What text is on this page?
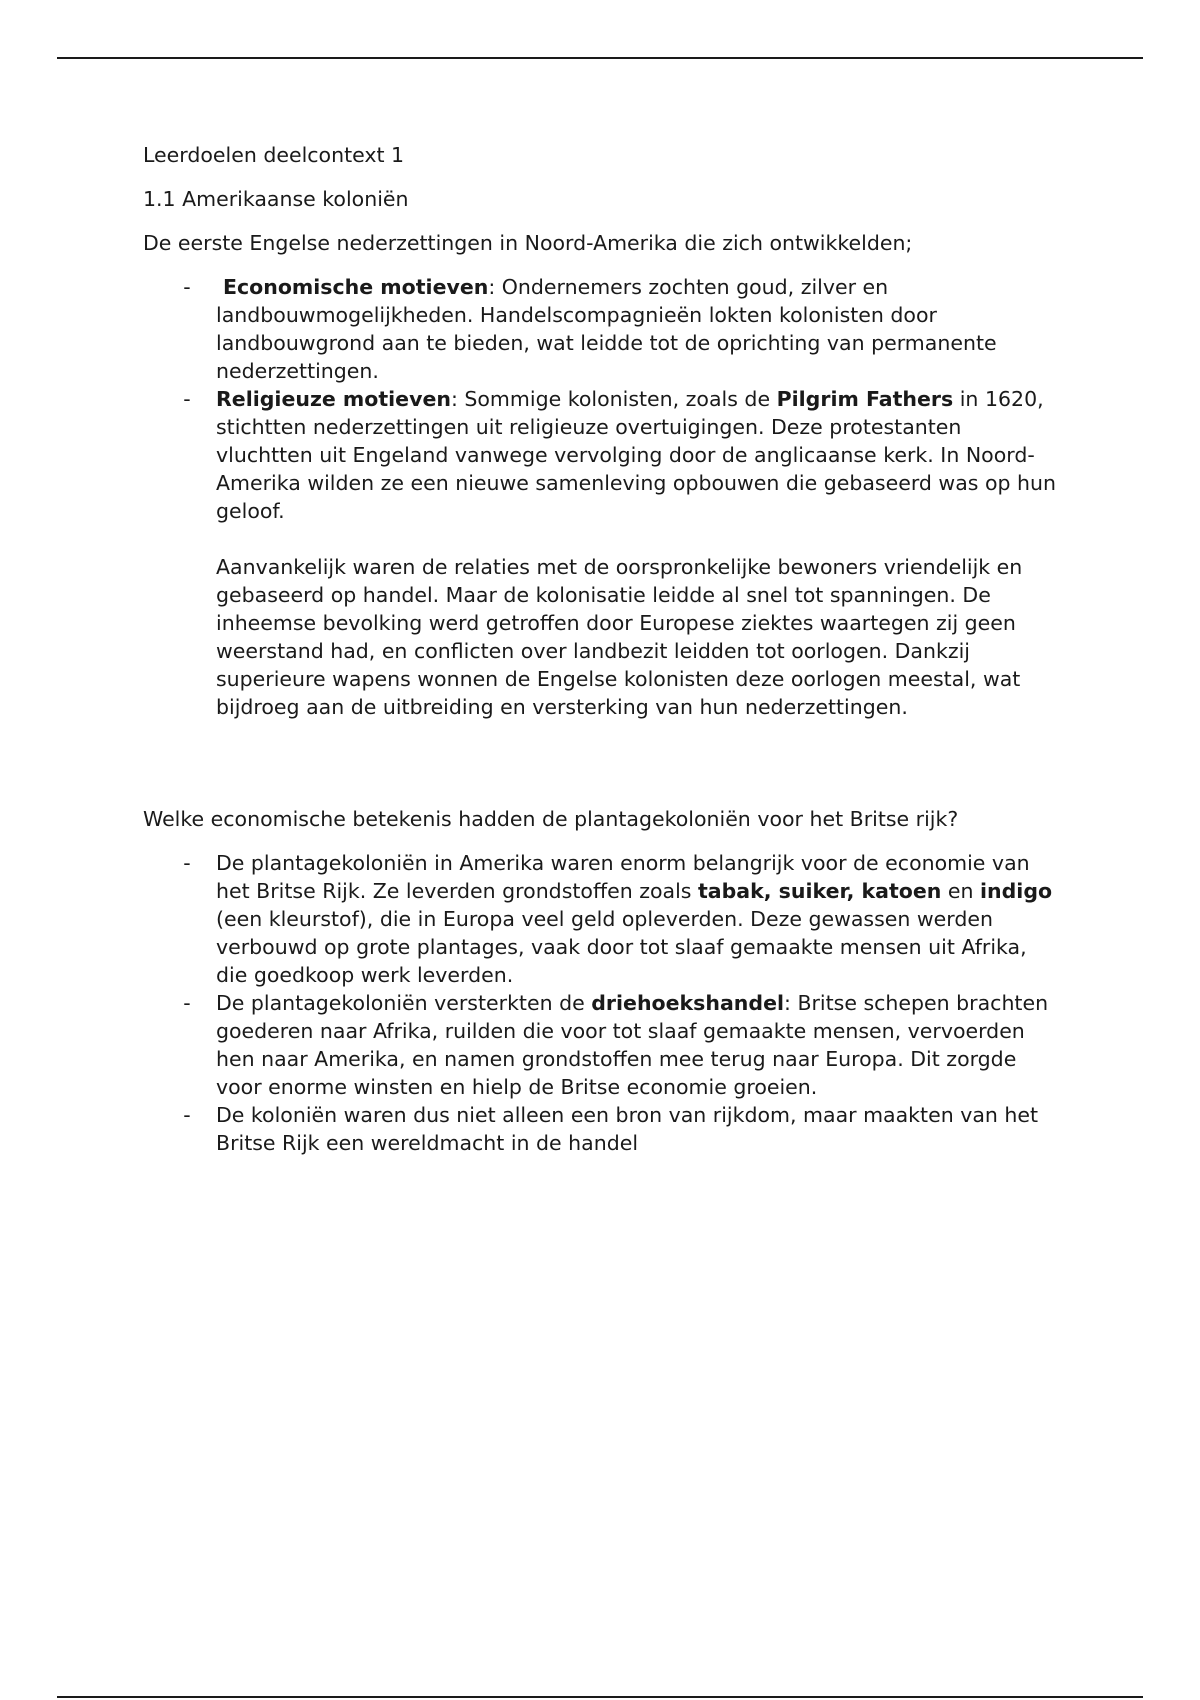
Leerdoelen deelcontext 1

1.1 Amerikaanse koloniën

De eerste Engelse nederzettingen in Noord-Amerika die zich ontwikkelden;

- Economische motieven: Ondernemers zochten goud, zilver en landbouwmogelijkheden. Handelscompagnieën lokten kolonisten door landbouwgrond aan te bieden, wat leidde tot de oprichting van permanente nederzettingen.
- Religieuze motieven: Sommige kolonisten, zoals de Pilgrim Fathers in 1620, stichtten nederzettingen uit religieuze overtuigingen. Deze protestanten vluchtten uit Engeland vanwege vervolging door de anglicaanse kerk. In Noord-Amerika wilden ze een nieuwe samenleving opbouwen die gebaseerd was op hun geloof.

Aanvankelijk waren de relaties met de oorspronkelijke bewoners vriendelijk en gebaseerd op handel. Maar de kolonisatie leidde al snel tot spanningen. De inheemse bevolking werd getroffen door Europese ziektes waartegen zij geen weerstand had, en conflicten over landbezit leidden tot oorlogen. Dankzij superieure wapens wonnen de Engelse kolonisten deze oorlogen meestal, wat bijdroeg aan de uitbreiding en versterking van hun nederzettingen.

Welke economische betekenis hadden de plantagekoloniën voor het Britse rijk?

- De plantagekoloniën in Amerika waren enorm belangrijk voor de economie van het Britse Rijk. Ze leverden grondstoffen zoals tabak, suiker, katoen en indigo (een kleurstof), die in Europa veel geld opleverden. Deze gewassen werden verbouwd op grote plantages, vaak door tot slaaf gemaakte mensen uit Afrika, die goedkoop werk leverden.
- De plantagekoloniën versterkten de driehoekshandel: Britse schepen brachten goederen naar Afrika, ruilden die voor tot slaaf gemaakte mensen, vervoerden hen naar Amerika, en namen grondstoffen mee terug naar Europa. Dit zorgde voor enorme winsten en hielp de Britse economie groeien.
- De koloniën waren dus niet alleen een bron van rijkdom, maar maakten van het Britse Rijk een wereldmacht in de handel
